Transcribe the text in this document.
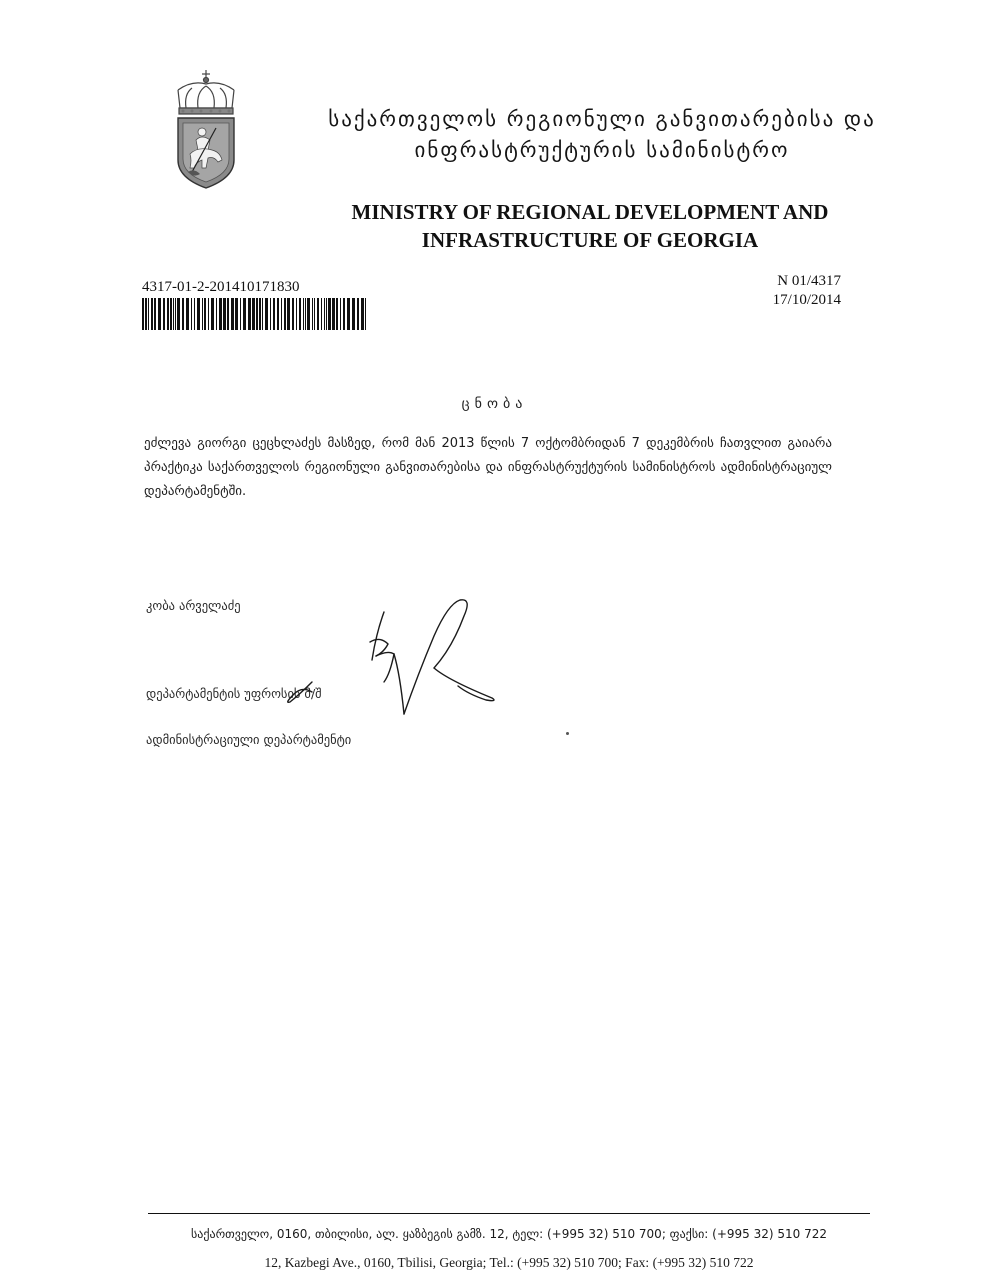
საქართველოს რეგიონული განვითარებისა და
ინფრასტრუქტურის სამინისტრო
MINISTRY OF REGIONAL DEVELOPMENT AND
INFRASTRUCTURE OF GEORGIA
4317-01-2-201410171830	N 01/4317
17/10/2014
ცნობა
ეძლევა გიორგი ცეცხლაძეს მასზედ, რომ მან 2013 წლის 7 ოქტომბრიდან 7 დეკემბრის ჩათვლით გაიარა პრაქტიკა საქართველოს რეგიონული განვითარებისა და ინფრასტრუქტურის სამინისტროს ადმინისტრაციულ დეპარტამენტში.
კობა არველაძე
დეპარტამენტის უფროსის მ/შ
ადმინისტრაციული დეპარტამენტი
საქართველო, 0160, თბილისი, ალ. ყაზბეგის გამზ. 12, ტელ: (+995 32) 510 700; ფაქსი: (+995 32) 510 722
12, Kazbegi Ave., 0160, Tbilisi, Georgia; Tel.: (+995 32) 510 700; Fax: (+995 32) 510 722
